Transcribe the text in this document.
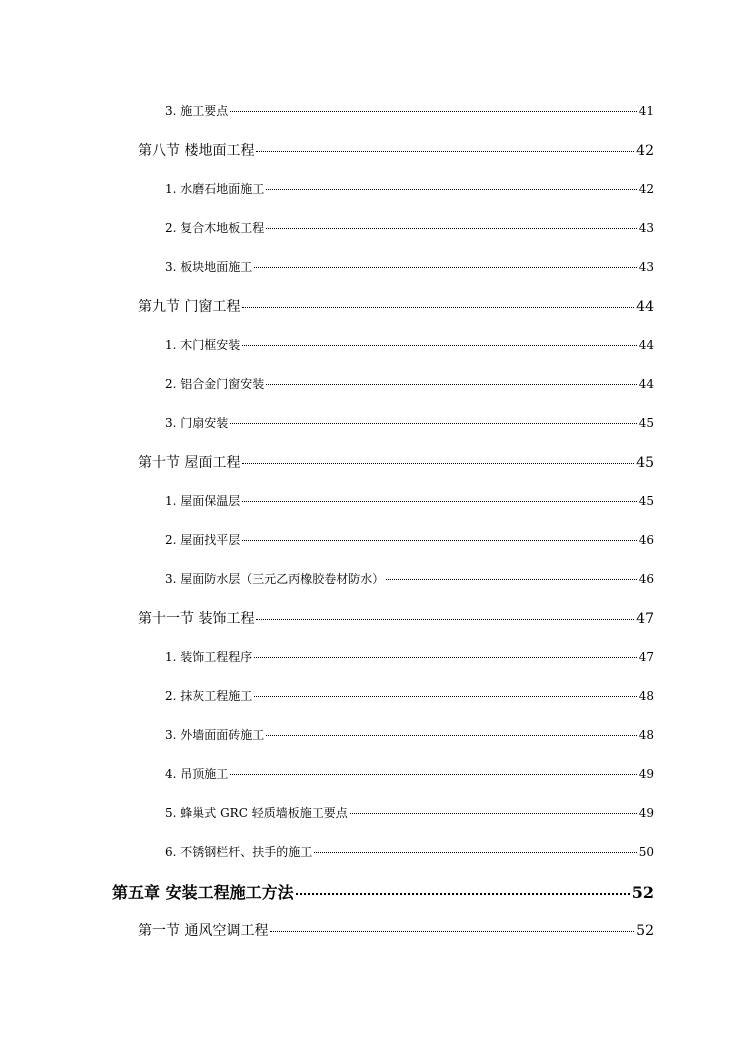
3. 施工要点	41
第八节 楼地面工程	42
1. 水磨石地面施工	42
2. 复合木地板工程	43
3. 板块地面施工	43
第九节 门窗工程	44
1. 木门框安装	44
2. 铝合金门窗安装	44
3. 门扇安装	45
第十节 屋面工程	45
1. 屋面保温层	45
2. 屋面找平层	46
3. 屋面防水层（三元乙丙橡胶卷材防水）	46
第十一节 装饰工程	47
1. 装饰工程程序	47
2. 抹灰工程施工	48
3. 外墙面面砖施工	48
4. 吊顶施工	49
5. 蜂巢式 GRC 轻质墙板施工要点	49
6. 不锈钢栏杆、扶手的施工	50
第五章 安装工程施工方法	52
第一节 通风空调工程	52
